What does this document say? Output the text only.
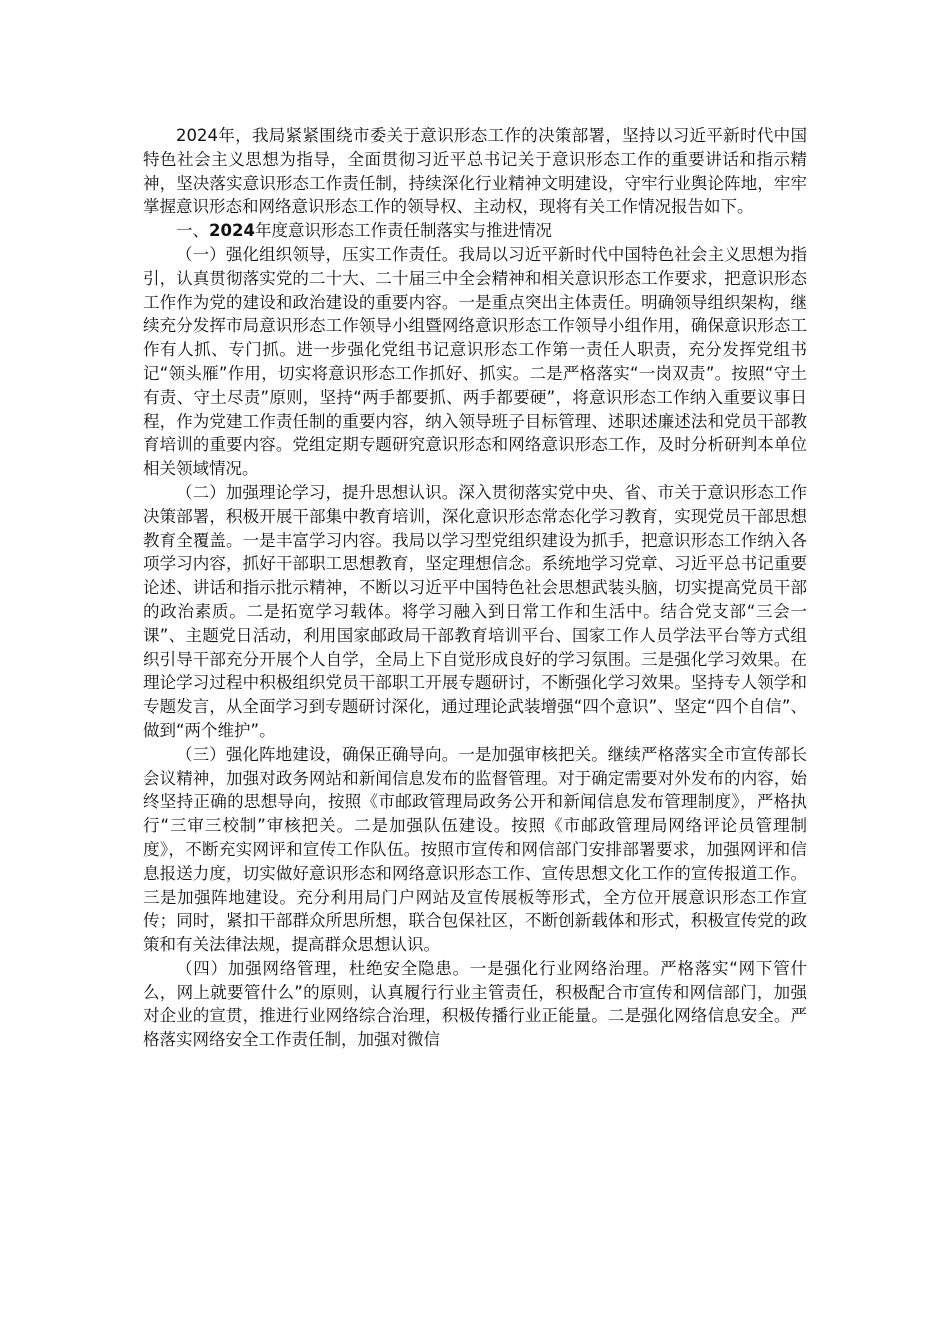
2024年，我局紧紧围绕市委关于意识形态工作的决策部署，坚持以习近平新时代中国特色社会主义思想为指导，全面贯彻习近平总书记关于意识形态工作的重要讲话和指示精神，坚决落实意识形态工作责任制，持续深化行业精神文明建设，守牢行业舆论阵地，牢牢掌握意识形态和网络意识形态工作的领导权、主动权，现将有关工作情况报告如下。

一、2024年度意识形态工作责任制落实与推进情况

（一）强化组织领导，压实工作责任。我局以习近平新时代中国特色社会主义思想为指引，认真贯彻落实党的二十大、二十届三中全会精神和相关意识形态工作要求，把意识形态工作作为党的建设和政治建设的重要内容。一是重点突出主体责任。明确领导组织架构，继续充分发挥市局意识形态工作领导小组暨网络意识形态工作领导小组作用，确保意识形态工作有人抓、专门抓。进一步强化党组书记意识形态工作第一责任人职责，充分发挥党组书记“领头雁”作用，切实将意识形态工作抓好、抓实。二是严格落实“一岗双责”。按照“守土有责、守土尽责”原则，坚持“两手都要抓、两手都要硬”，将意识形态工作纳入重要议事日程，作为党建工作责任制的重要内容，纳入领导班子目标管理、述职述廉述法和党员干部教育培训的重要内容。党组定期专题研究意识形态和网络意识形态工作，及时分析研判本单位相关领域情况。

（二）加强理论学习，提升思想认识。深入贯彻落实党中央、省、市关于意识形态工作决策部署，积极开展干部集中教育培训，深化意识形态常态化学习教育，实现党员干部思想教育全覆盖。一是丰富学习内容。我局以学习型党组织建设为抓手，把意识形态工作纳入各项学习内容，抓好干部职工思想教育，坚定理想信念。系统地学习党章、习近平总书记重要论述、讲话和指示批示精神，不断以习近平中国特色社会思想武装头脑，切实提高党员干部的政治素质。二是拓宽学习载体。将学习融入到日常工作和生活中。结合党支部“三会一课”、主题党日活动，利用国家邮政局干部教育培训平台、国家工作人员学法平台等方式组织引导干部充分开展个人自学，全局上下自觉形成良好的学习氛围。三是强化学习效果。在理论学习过程中积极组织党员干部职工开展专题研讨，不断强化学习效果。坚持专人领学和专题发言，从全面学习到专题研讨深化，通过理论武装增强“四个意识”、坚定“四个自信”、做到“两个维护”。

（三）强化阵地建设，确保正确导向。一是加强审核把关。继续严格落实全市宣传部长会议精神，加强对政务网站和新闻信息发布的监督管理。对于确定需要对外发布的内容，始终坚持正确的思想导向，按照《市邮政管理局政务公开和新闻信息发布管理制度》，严格执行“三审三校制”审核把关。二是加强队伍建设。按照《市邮政管理局网络评论员管理制度》，不断充实网评和宣传工作队伍。按照市宣传和网信部门安排部署要求，加强网评和信息报送力度，切实做好意识形态和网络意识形态工作、宣传思想文化工作的宣传报道工作。三是加强阵地建设。充分利用局门户网站及宣传展板等形式，全方位开展意识形态工作宣传；同时，紧扣干部群众所思所想，联合包保社区，不断创新载体和形式，积极宣传党的政策和有关法律法规，提高群众思想认识。

（四）加强网络管理，杜绝安全隐患。一是强化行业网络治理。严格落实“网下管什么，网上就要管什么”的原则，认真履行行业主管责任，积极配合市宣传和网信部门，加强对企业的宣贯，推进行业网络综合治理，积极传播行业正能量。二是强化网络信息安全。严格落实网络安全工作责任制，加强对微信
